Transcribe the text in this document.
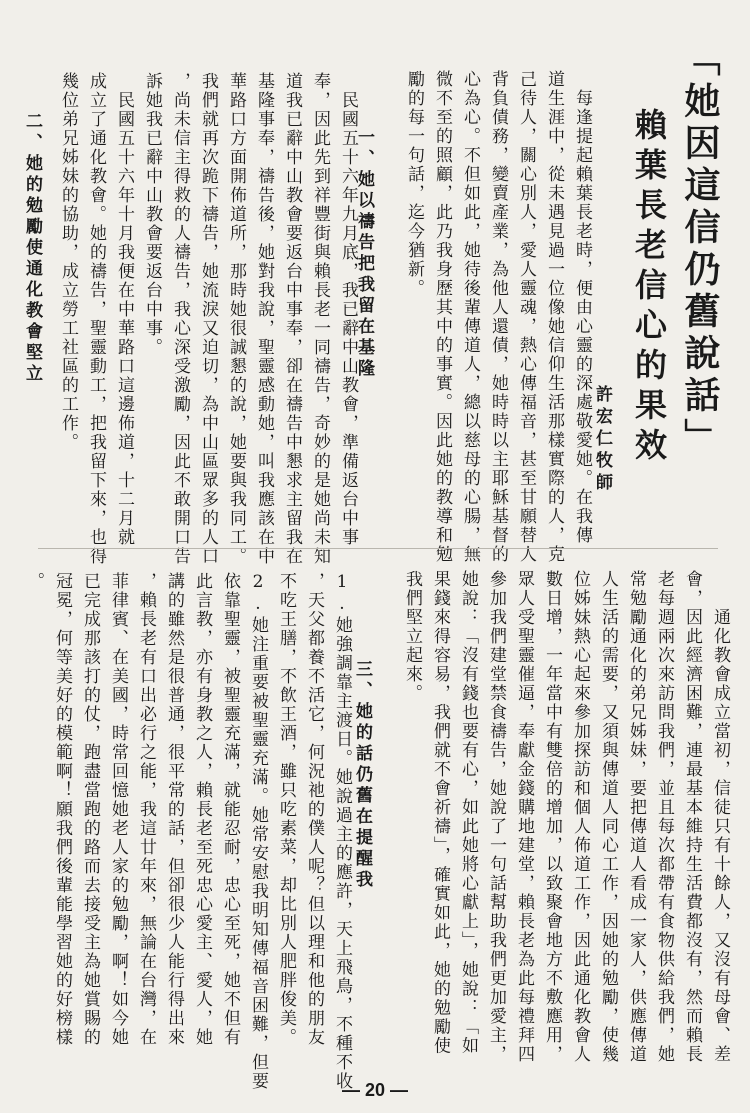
「她因這信仍舊說話」
賴葉長老信心的果效
許宏仁牧師
　每逢提起賴葉長老時，便由心靈的深處敬愛她。在我傳
道生涯中，從未遇見過一位像她信仰生活那樣實際的人，克
己待人，關心別人，愛人靈魂，熱心傳福音，甚至甘願替人
背負債務，變賣產業，為他人還債，她時時以主耶穌基督的
心為心。不但如此，她待後輩傳道人，總以慈母的心腸，無
微不至的照顧，此乃我身歷其中的事實。因此她的教導和勉
勵的每一句話，迄今猶新。
一、她以禱告把我留在基隆
　民國五十六年九月底，我已辭中山教會，準備返台中事
奉，因此先到祥豐街與賴長老一同禱告，奇妙的是她尚未知
道我已辭中山教會要返台中事奉，卻在禱告中懇求主留我在
基隆事奉，禱告後，她對我說，聖靈感動她，叫我應該在中
華路口方面開佈道所，那時她很誠懇的說，她要與我同工。
我們就再次跪下禱告，她流淚又迫切，為中山區眾多的人口
，尚未信主得救的人禱告，我心深受激勵，因此不敢開口告
訴她我已辭中山教會要返台中事。
　民國五十六年十月我便在中華路口這邊佈道，十二月就
成立了通化教會。她的禱告，聖靈動工，把我留下來，也得
幾位弟兄姊妹的協助，成立勞工社區的工作。
二、她的勉勵使通化教會堅立
　　通化教會成立當初，信徒只有十餘人，又沒有母會、差
會，因此經濟困難，連最基本維持生活費都沒有，然而賴長
老每週兩次來訪問我們，並且每次都帶有食物供給我們，她
常勉勵通化的弟兄姊妹，要把傳道人看成一家人，供應傳道
人生活的需要，又須與傳道人同心工作，因她的勉勵，使幾
位姊妹熱心起來參加探訪和個人佈道工作，因此通化教會人
數日增，一年當中有雙倍的增加，以致聚會地方不敷應用，
眾人受聖靈催逼，奉獻金錢購地建堂，賴長老為此每禮拜四
參加我們建堂禁食禱告，她說了一句話幫助我們更加愛主，
她說：「沒有錢也要有心，如此她將心獻上」，她說：「如
果錢來得容易，我們就不會祈禱」，確實如此，她的勉勵使
我們堅立起來。
三、她的話仍舊在提醒我
1.她強調靠主渡日。她說過主的應許，天上飛鳥，不種不收
，天父都養不活它，何況祂的僕人呢？但以理和他的朋友
不吃王膳，不飲王酒，雖只吃素菜，却比別人肥胖俊美。
2.她注重要被聖靈充滿。她常安慰我明知傳福音困難，但要
依靠聖靈，被聖靈充滿，就能忍耐，忠心至死，她不但有
此言教，亦有身教之人，賴長老至死忠心愛主、愛人，她
講的雖然是很普通，很平常的話，但卻很少人能行得出來
，賴長老有口出必行之能，我這廿年來，無論在台灣，在
菲律賓、在美國，時常回憶她老人家的勉勵，啊！如今她
已完成那該打的仗，跑盡當跑的路而去接受主為她賞賜的
冠冕，何等美好的模範啊！願我們後輩能學習她的好榜樣
。
— 20 —
